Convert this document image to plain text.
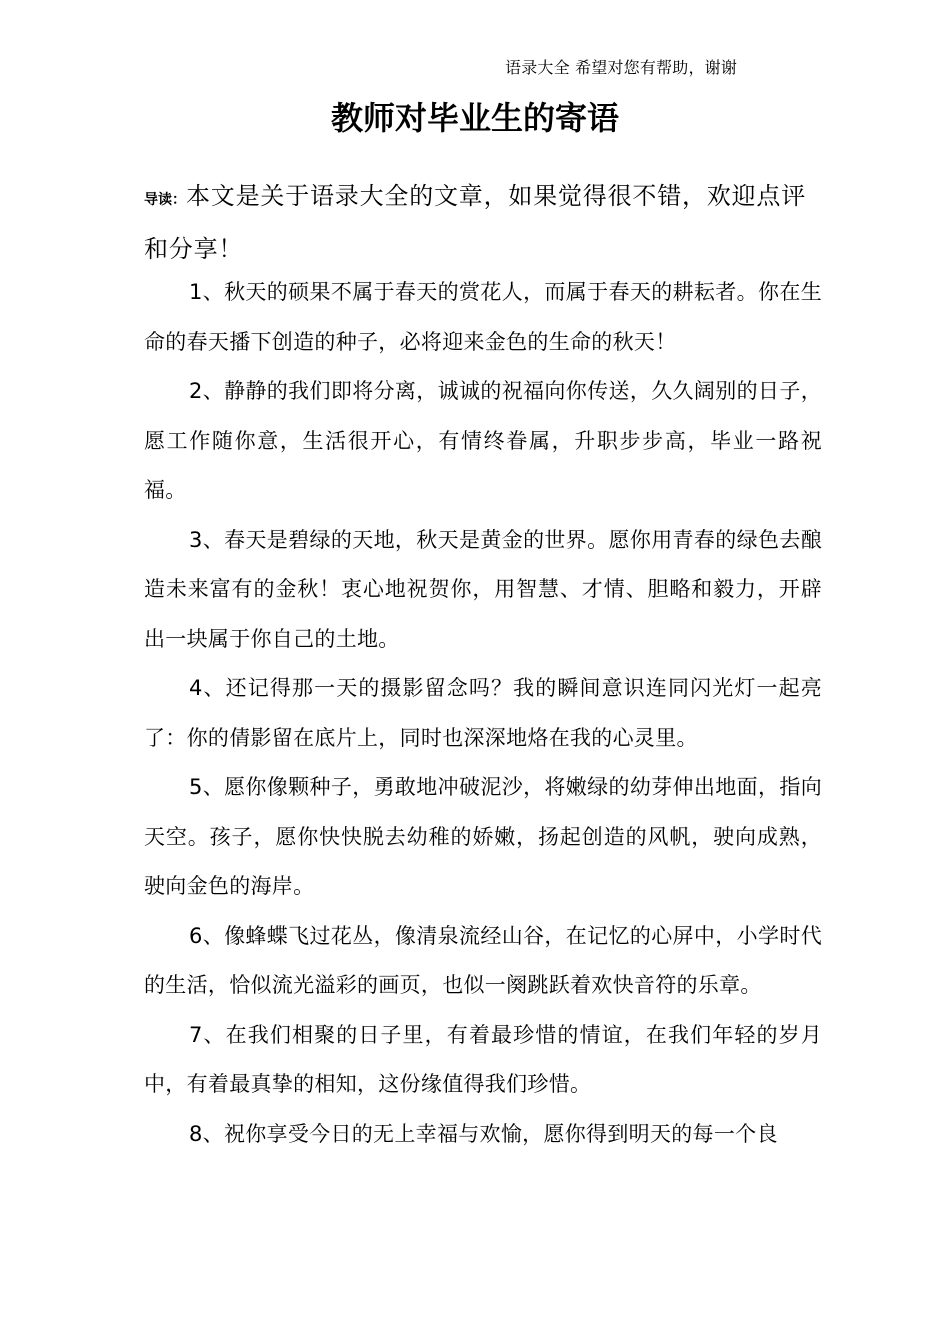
语录大全 希望对您有帮助，谢谢
教师对毕业生的寄语
导读：本文是关于语录大全的文章，如果觉得很不错，欢迎点评和分享！

1、秋天的硕果不属于春天的赏花人，而属于春天的耕耘者。你在生命的春天播下创造的种子，必将迎来金色的生命的秋天！

2、静静的我们即将分离，诚诚的祝福向你传送，久久阔别的日子，愿工作随你意，生活很开心，有情终眷属，升职步步高，毕业一路祝福。

3、春天是碧绿的天地，秋天是黄金的世界。愿你用青春的绿色去酿造未来富有的金秋！衷心地祝贺你，用智慧、才情、胆略和毅力，开辟出一块属于你自己的土地。

4、还记得那一天的摄影留念吗？我的瞬间意识连同闪光灯一起亮了：你的倩影留在底片上，同时也深深地烙在我的心灵里。

5、愿你像颗种子，勇敢地冲破泥沙，将嫩绿的幼芽伸出地面，指向天空。孩子，愿你快快脱去幼稚的娇嫩，扬起创造的风帆，驶向成熟，驶向金色的海岸。

6、像蜂蝶飞过花丛，像清泉流经山谷，在记忆的心屏中，小学时代的生活，恰似流光溢彩的画页，也似一阕跳跃着欢快音符的乐章。

7、在我们相聚的日子里，有着最珍惜的情谊，在我们年轻的岁月中，有着最真挚的相知，这份缘值得我们珍惜。

8、祝你享受今日的无上幸福与欢愉，愿你得到明天的每一个良
